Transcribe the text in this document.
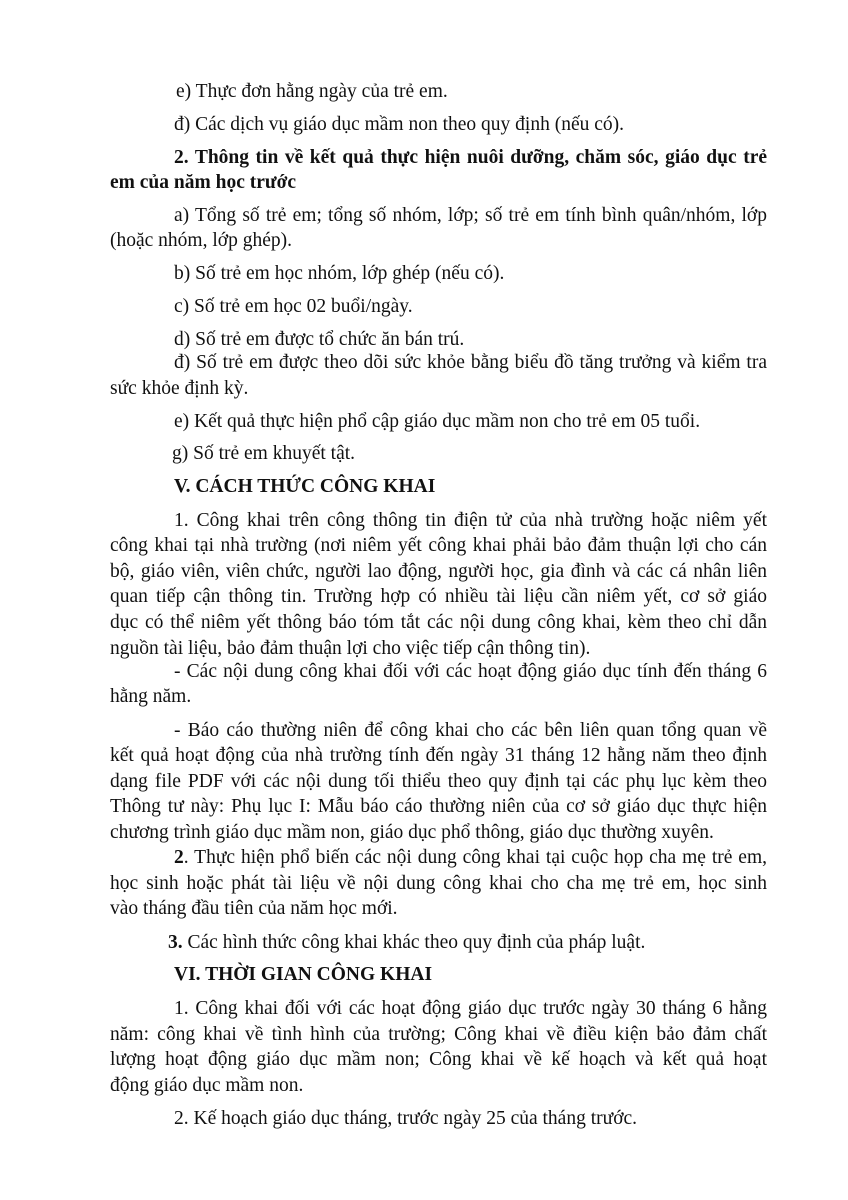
e) Thực đơn hằng ngày của trẻ em.

đ) Các dịch vụ giáo dục mầm non theo quy định (nếu có).

2. Thông tin về kết quả thực hiện nuôi dưỡng, chăm sóc, giáo dục trẻ

em của năm học trước

a) Tổng số trẻ em; tổng số nhóm, lớp; số trẻ em tính bình quân/nhóm, lớp

(hoặc nhóm, lớp ghép).

b) Số trẻ em học nhóm, lớp ghép (nếu có).

c) Số trẻ em học 02 buổi/ngày.

d) Số trẻ em được tổ chức ăn bán trú.

đ) Số trẻ em được theo dõi sức khỏe bằng biểu đồ tăng trưởng và kiểm tra

sức khỏe định kỳ.

e) Kết quả thực hiện phổ cập giáo dục mầm non cho trẻ em 05 tuổi.

g) Số trẻ em khuyết tật.

V. CÁCH THỨC CÔNG KHAI

1. Công khai trên công thông tin điện tử của nhà trường hoặc niêm yết

công khai tại nhà trường (nơi niêm yết công khai phải bảo đảm thuận lợi cho cán

bộ, giáo viên, viên chức, người lao động, người học, gia đình và các cá nhân liên

quan tiếp cận thông tin. Trường hợp có nhiều tài liệu cần niêm yết, cơ sở giáo

dục có thể niêm yết thông báo tóm tắt các nội dung công khai, kèm theo chỉ dẫn

nguồn tài liệu, bảo đảm thuận lợi cho việc tiếp cận thông tin).

- Các nội dung công khai đối với các hoạt động giáo dục tính đến tháng 6

hằng năm.

- Báo cáo thường niên để công khai cho các bên liên quan tổng quan về

kết quả hoạt động của nhà trường tính đến ngày 31 tháng 12 hằng năm theo định

dạng file PDF với các nội dung tối thiểu theo quy định tại các phụ lục kèm theo

Thông tư này: Phụ lục I: Mẫu báo cáo thường niên của cơ sở giáo dục thực hiện

chương trình giáo dục mầm non, giáo dục phổ thông, giáo dục thường xuyên.

2. Thực hiện phổ biến các nội dung công khai tại cuộc họp cha mẹ trẻ em,

học sinh hoặc phát tài liệu về nội dung công khai cho cha mẹ trẻ em, học sinh

vào tháng đầu tiên của năm học mới.

3. Các hình thức công khai khác theo quy định của pháp luật.

VI. THỜI GIAN CÔNG KHAI

1. Công khai đối với các hoạt động giáo dục trước ngày 30 tháng 6 hằng

năm: công khai về tình hình của trường; Công khai về điều kiện bảo đảm chất

lượng hoạt động giáo dục mầm non; Công khai về kế hoạch và kết quả hoạt

động giáo dục mầm non.

2. Kế hoạch giáo dục tháng, trước ngày 25 của tháng trước.
